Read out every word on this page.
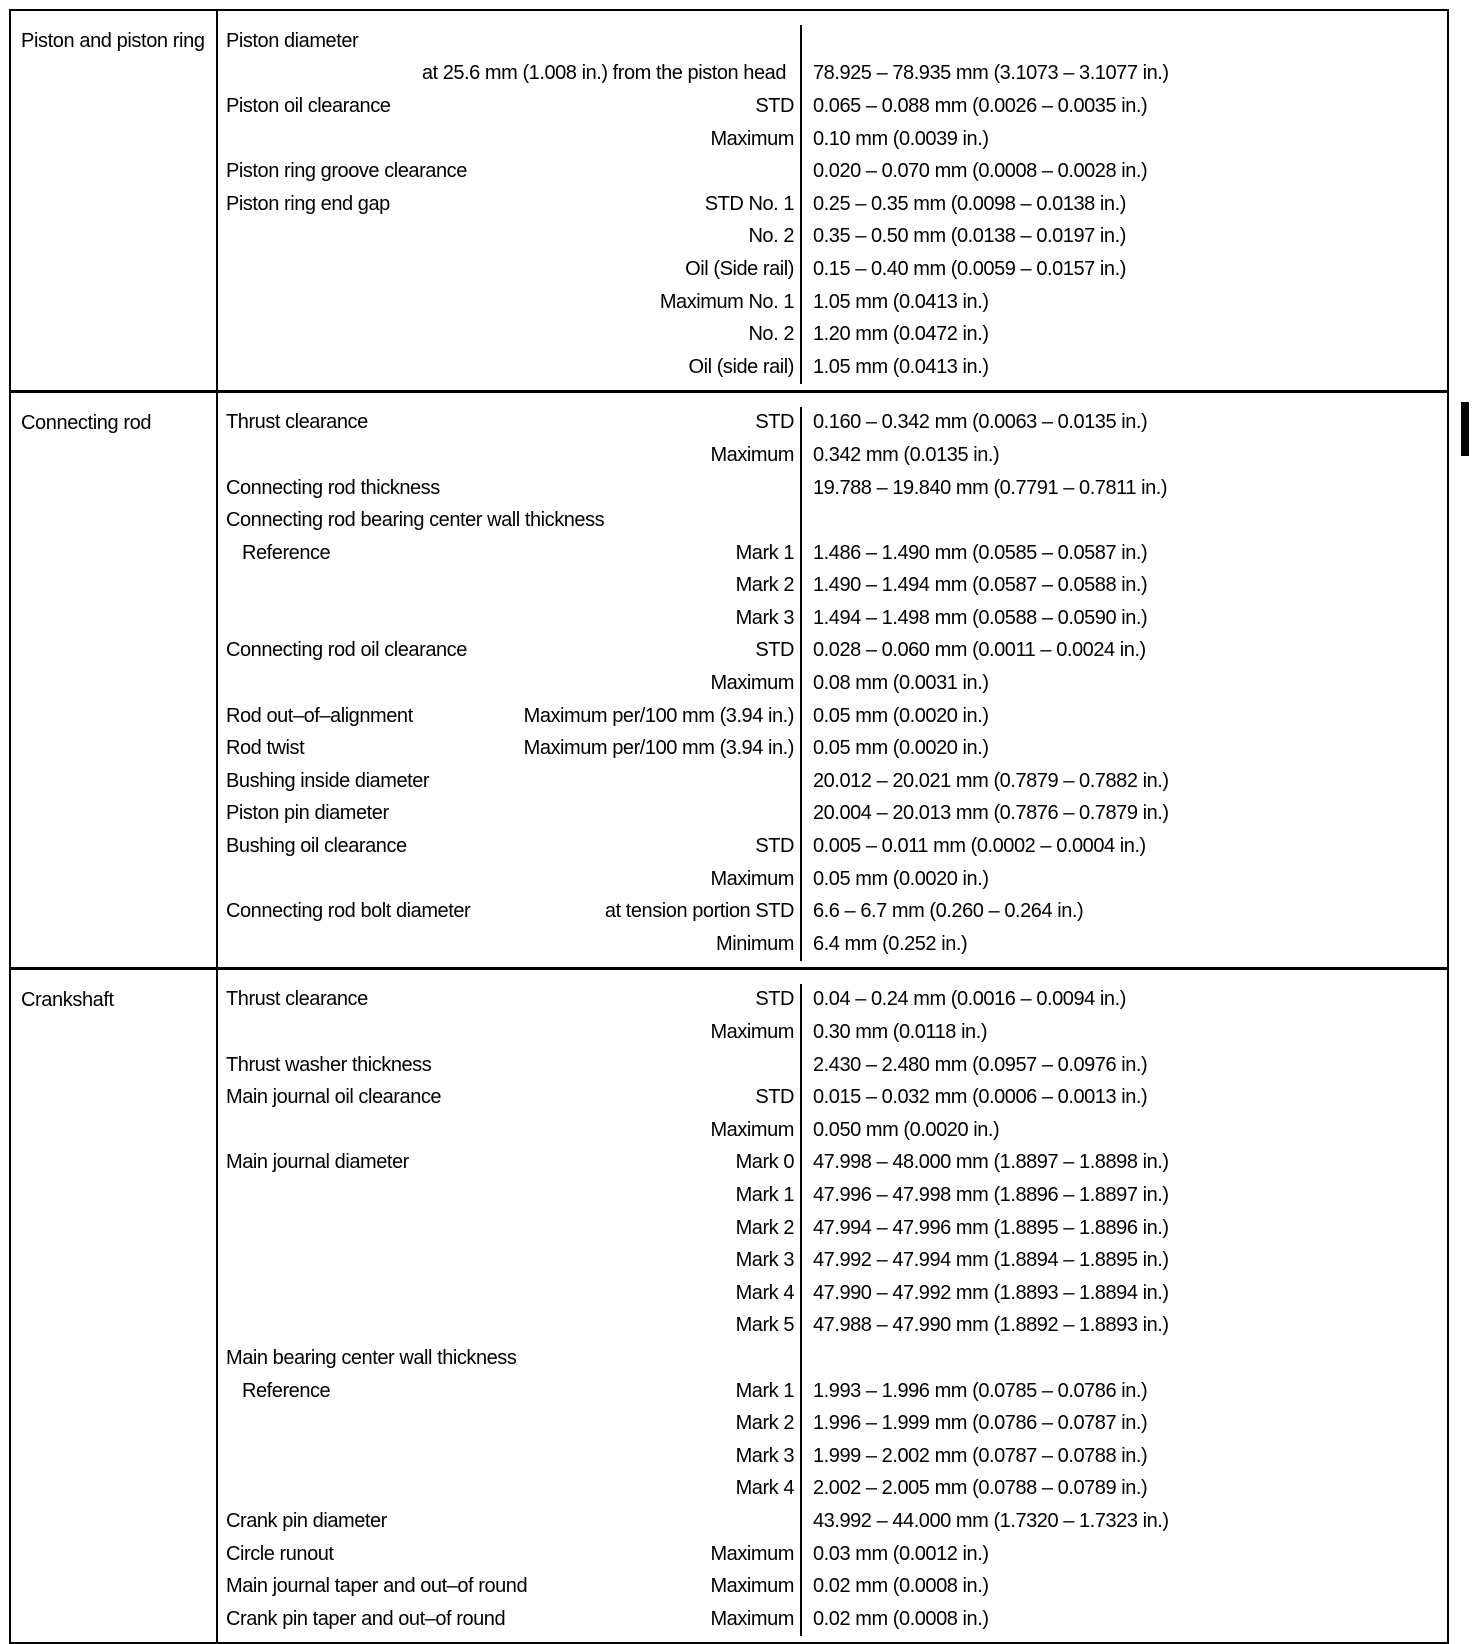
Piston and piston ring	Piston diameter
at 25.6 mm (1.008 in.) from the piston head	78.925 – 78.935 mm (3.1073 – 3.1077 in.)
Piston oil clearance	STD 0.065 – 0.088 mm (0.0026 – 0.0035 in.)
Maximum 0.10 mm (0.0039 in.)
Piston ring groove clearance	0.020 – 0.070 mm (0.0008 – 0.0028 in.)
Piston ring end gap	STD No. 1 0.25 – 0.35 mm (0.0098 – 0.0138 in.)
No. 2 0.35 – 0.50 mm (0.0138 – 0.0197 in.)
Oil (Side rail) 0.15 – 0.40 mm (0.0059 – 0.0157 in.)
Maximum No. 1 1.05 mm (0.0413 in.)
No. 2 1.20 mm (0.0472 in.)
Oil (side rail) 1.05 mm (0.0413 in.)
Connecting rod	Thrust clearance	STD 0.160 – 0.342 mm (0.0063 – 0.0135 in.)
Maximum 0.342 mm (0.0135 in.)
Connecting rod thickness	19.788 – 19.840 mm (0.7791 – 0.7811 in.)
Connecting rod bearing center wall thickness
Reference	Mark 1 1.486 – 1.490 mm (0.0585 – 0.0587 in.)
Mark 2 1.490 – 1.494 mm (0.0587 – 0.0588 in.)
Mark 3 1.494 – 1.498 mm (0.0588 – 0.0590 in.)
Connecting rod oil clearance	STD 0.028 – 0.060 mm (0.0011 – 0.0024 in.)
Maximum 0.08 mm (0.0031 in.)
Rod out–of–alignment	Maximum per/100 mm (3.94 in.) 0.05 mm (0.0020 in.)
Rod twist	Maximum per/100 mm (3.94 in.) 0.05 mm (0.0020 in.)
Bushing inside diameter	20.012 – 20.021 mm (0.7879 – 0.7882 in.)
Piston pin diameter	20.004 – 20.013 mm (0.7876 – 0.7879 in.)
Bushing oil clearance	STD 0.005 – 0.011 mm (0.0002 – 0.0004 in.)
Maximum 0.05 mm (0.0020 in.)
Connecting rod bolt diameter	at tension portion STD 6.6 – 6.7 mm (0.260 – 0.264 in.)
Minimum 6.4 mm (0.252 in.)
Crankshaft	Thrust clearance	STD 0.04 – 0.24 mm (0.0016 – 0.0094 in.)
Maximum 0.30 mm (0.0118 in.)
Thrust washer thickness	2.430 – 2.480 mm (0.0957 – 0.0976 in.)
Main journal oil clearance	STD 0.015 – 0.032 mm (0.0006 – 0.0013 in.)
Maximum 0.050 mm (0.0020 in.)
Main journal diameter	Mark 0 47.998 – 48.000 mm (1.8897 – 1.8898 in.)
Mark 1 47.996 – 47.998 mm (1.8896 – 1.8897 in.)
Mark 2 47.994 – 47.996 mm (1.8895 – 1.8896 in.)
Mark 3 47.992 – 47.994 mm (1.8894 – 1.8895 in.)
Mark 4 47.990 – 47.992 mm (1.8893 – 1.8894 in.)
Mark 5 47.988 – 47.990 mm (1.8892 – 1.8893 in.)
Main bearing center wall thickness
Reference	Mark 1 1.993 – 1.996 mm (0.0785 – 0.0786 in.)
Mark 2 1.996 – 1.999 mm (0.0786 – 0.0787 in.)
Mark 3 1.999 – 2.002 mm (0.0787 – 0.0788 in.)
Mark 4 2.002 – 2.005 mm (0.0788 – 0.0789 in.)
Crank pin diameter	43.992 – 44.000 mm (1.7320 – 1.7323 in.)
Circle runout	Maximum 0.03 mm (0.0012 in.)
Main journal taper and out–of round	Maximum 0.02 mm (0.0008 in.)
Crank pin taper and out–of round	Maximum 0.02 mm (0.0008 in.)
